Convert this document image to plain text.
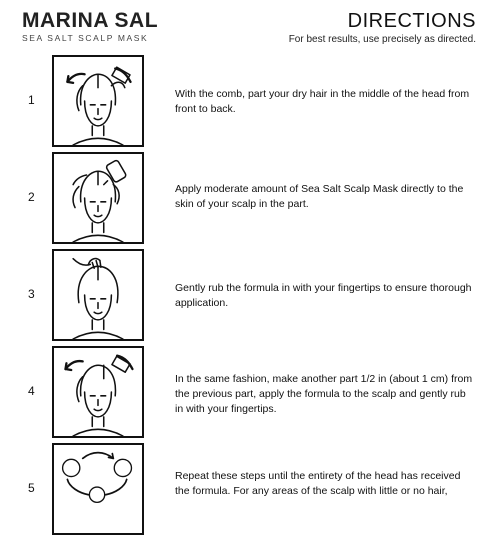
MARINA SAL
SEA SALT SCALP MASK
DIRECTIONS
For best results, use precisely as directed.
1	With the comb, part your dry hair in the middle of the head from front to back.
2
Apply moderate amount of Sea Salt Scalp Mask directly to the skin of your scalp in the part.
3	Gently rub the formula in with your fingertips to ensure thorough application.
4
In the same fashion, make another part 1/2 in (about 1 cm) from the previous part, apply the formula to the scalp and gently rub in with your fingertips.
5
Repeat these steps until the entirety of the head has received the formula. For any areas of the scalp with little or no hair,
